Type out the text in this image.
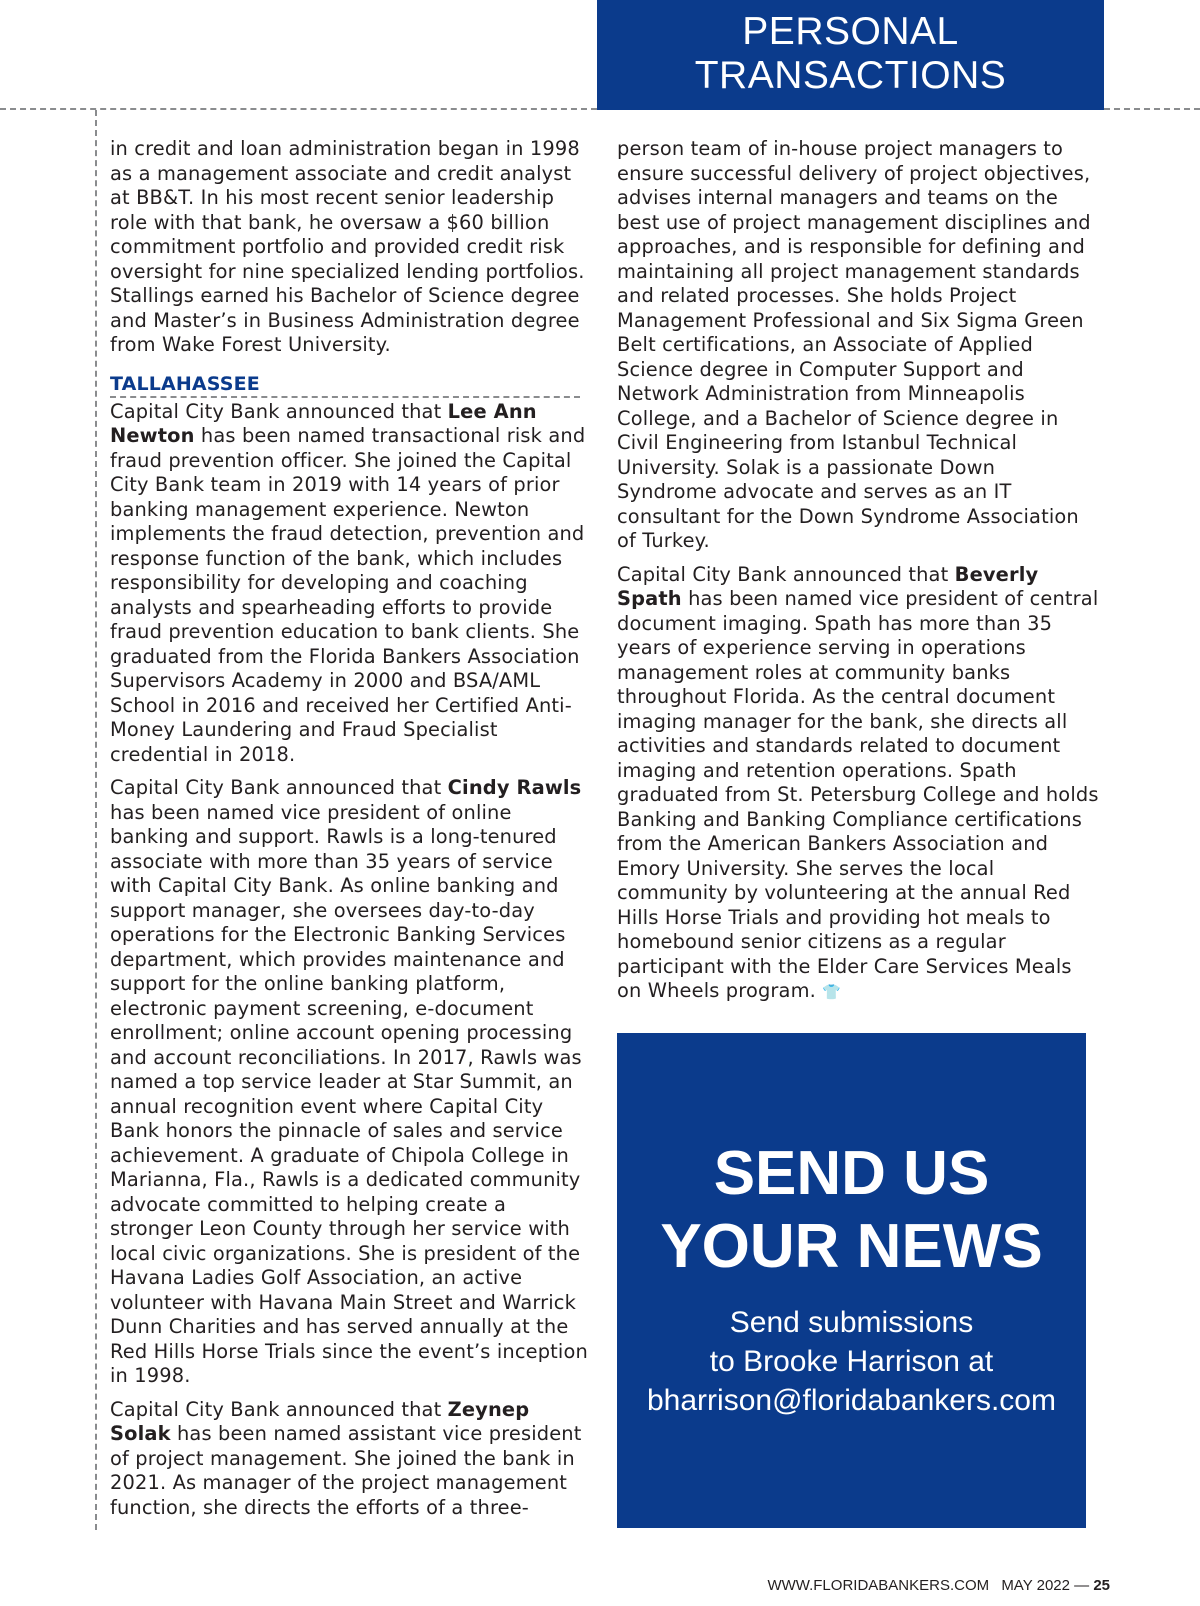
PERSONAL TRANSACTIONS

in credit and loan administration began in 1998 as a management associate and credit analyst at BB&T. In his most recent senior leadership role with that bank, he oversaw a $60 billion commitment portfolio and provided credit risk oversight for nine specialized lending portfolios. Stallings earned his Bachelor of Science degree and Master’s in Business Administration degree from Wake Forest University.

TALLAHASSEE

Capital City Bank announced that Lee Ann Newton has been named transactional risk and fraud prevention officer. She joined the Capital City Bank team in 2019 with 14 years of prior banking management experience. Newton implements the fraud detection, prevention and response function of the bank, which includes responsibility for developing and coaching analysts and spearheading efforts to provide fraud prevention education to bank clients. She graduated from the Florida Bankers Association Supervisors Academy in 2000 and BSA/AML School in 2016 and received her Certified Anti-Money Laundering and Fraud Specialist credential in 2018.

Capital City Bank announced that Cindy Rawls has been named vice president of online banking and support. Rawls is a long-tenured associate with more than 35 years of service with Capital City Bank. As online banking and support manager, she oversees day-to-day operations for the Electronic Banking Services department, which provides maintenance and support for the online banking platform, electronic payment screening, e-document enrollment; online account opening processing and account reconciliations. In 2017, Rawls was named a top service leader at Star Summit, an annual recognition event where Capital City Bank honors the pinnacle of sales and service achievement. A graduate of Chipola College in Marianna, Fla., Rawls is a dedicated community advocate committed to helping create a stronger Leon County through her service with local civic organizations. She is president of the Havana Ladies Golf Association, an active volunteer with Havana Main Street and Warrick Dunn Charities and has served annually at the Red Hills Horse Trials since the event’s inception in 1998.

Capital City Bank announced that Zeynep Solak has been named assistant vice president of project management. She joined the bank in 2021. As manager of the project management function, she directs the efforts of a three-

person team of in-house project managers to ensure successful delivery of project objectives, advises internal managers and teams on the best use of project management disciplines and approaches, and is responsible for defining and maintaining all project management standards and related processes. She holds Project Management Professional and Six Sigma Green Belt certifications, an Associate of Applied Science degree in Computer Support and Network Administration from Minneapolis College, and a Bachelor of Science degree in Civil Engineering from Istanbul Technical University. Solak is a passionate Down Syndrome advocate and serves as an IT consultant for the Down Syndrome Association of Turkey.

Capital City Bank announced that Beverly Spath has been named vice president of central document imaging. Spath has more than 35 years of experience serving in operations management roles at community banks throughout Florida. As the central document imaging manager for the bank, she directs all activities and standards related to document imaging and retention operations. Spath graduated from St. Petersburg College and holds Banking and Banking Compliance certifications from the American Bankers Association and Emory University. She serves the local community by volunteering at the annual Red Hills Horse Trials and providing hot meals to homebound senior citizens as a regular participant with the Elder Care Services Meals on Wheels program. 👕

SEND US
YOUR NEWS
Send submissions
to Brooke Harrison at
bharrison@floridabankers.com
WWW.FLORIDABANKERS.COM MAY 2022 — 25
